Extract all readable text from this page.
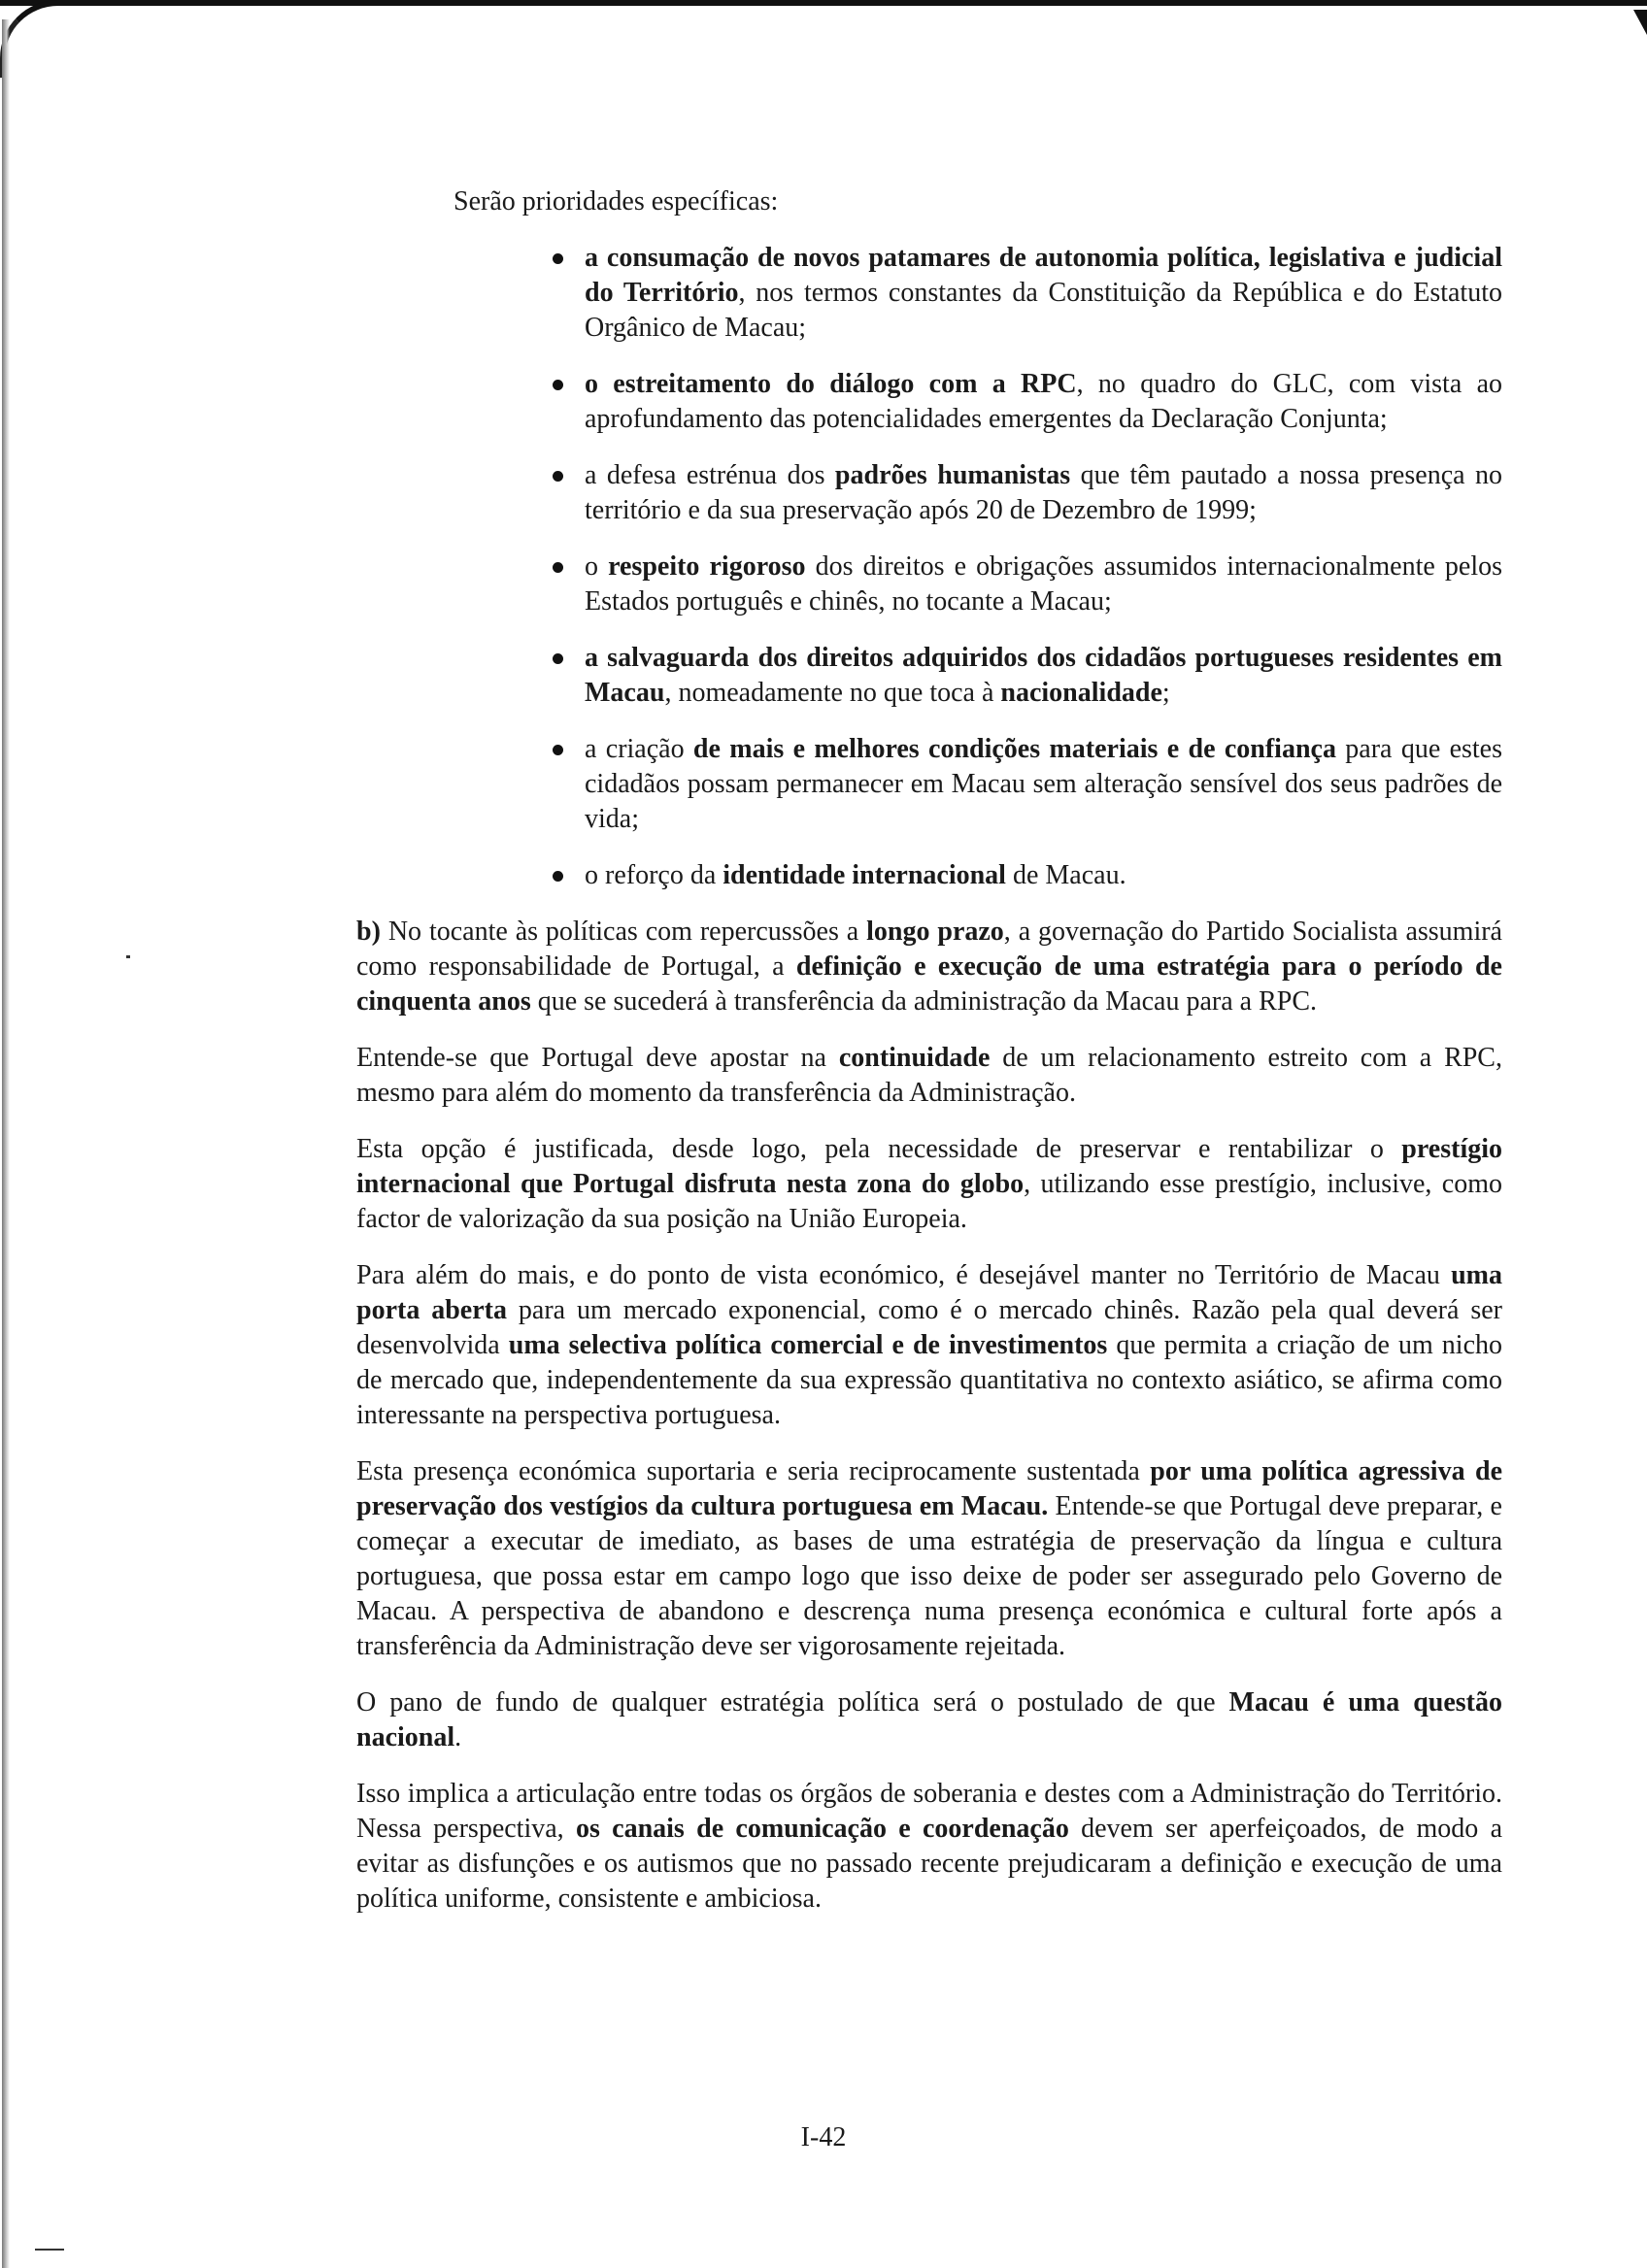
Serão prioridades específicas:

a consumação de novos patamares de autonomia política, legislativa e judicial do Território, nos termos constantes da Constituição da República e do Estatuto Orgânico de Macau;
o estreitamento do diálogo com a RPC, no quadro do GLC, com vista ao aprofundamento das potencialidades emergentes da Declaração Conjunta;
a defesa estrénua dos padrões humanistas que têm pautado a nossa presença no território e da sua preservação após 20 de Dezembro de 1999;
o respeito rigoroso dos direitos e obrigações assumidos internacionalmente pelos Estados português e chinês, no tocante a Macau;
a salvaguarda dos direitos adquiridos dos cidadãos portugueses residentes em Macau, nomeadamente no que toca à nacionalidade;
a criação de mais e melhores condições materiais e de confiança para que estes cidadãos possam permanecer em Macau sem alteração sensível dos seus padrões de vida;
o reforço da identidade internacional de Macau.

b) No tocante às políticas com repercussões a longo prazo, a governação do Partido Socialista assumirá como responsabilidade de Portugal, a definição e execução de uma estratégia para o período de cinquenta anos que se sucederá à transferência da administração da Macau para a RPC.

Entende-se que Portugal deve apostar na continuidade de um relacionamento estreito com a RPC, mesmo para além do momento da transferência da Administração.

Esta opção é justificada, desde logo, pela necessidade de preservar e rentabilizar o prestígio internacional que Portugal disfruta nesta zona do globo, utilizando esse prestígio, inclusive, como factor de valorização da sua posição na União Europeia.

Para além do mais, e do ponto de vista económico, é desejável manter no Território de Macau uma porta aberta para um mercado exponencial, como é o mercado chinês. Razão pela qual deverá ser desenvolvida uma selectiva política comercial e de investimentos que permita a criação de um nicho de mercado que, independentemente da sua expressão quantitativa no contexto asiático, se afirma como interessante na perspectiva portuguesa.

Esta presença económica suportaria e seria reciprocamente sustentada por uma política agressiva de preservação dos vestígios da cultura portuguesa em Macau. Entende-se que Portugal deve preparar, e começar a executar de imediato, as bases de uma estratégia de preservação da língua e cultura portuguesa, que possa estar em campo logo que isso deixe de poder ser assegurado pelo Governo de Macau. A perspectiva de abandono e descrença numa presença económica e cultural forte após a transferência da Administração deve ser vigorosamente rejeitada.

O pano de fundo de qualquer estratégia política será o postulado de que Macau é uma questão nacional.

Isso implica a articulação entre todas os órgãos de soberania e destes com a Administração do Território. Nessa perspectiva, os canais de comunicação e coordenação devem ser aperfeiçoados, de modo a evitar as disfunções e os autismos que no passado recente prejudicaram a definição e execução de uma política uniforme, consistente e ambiciosa.

I-42
